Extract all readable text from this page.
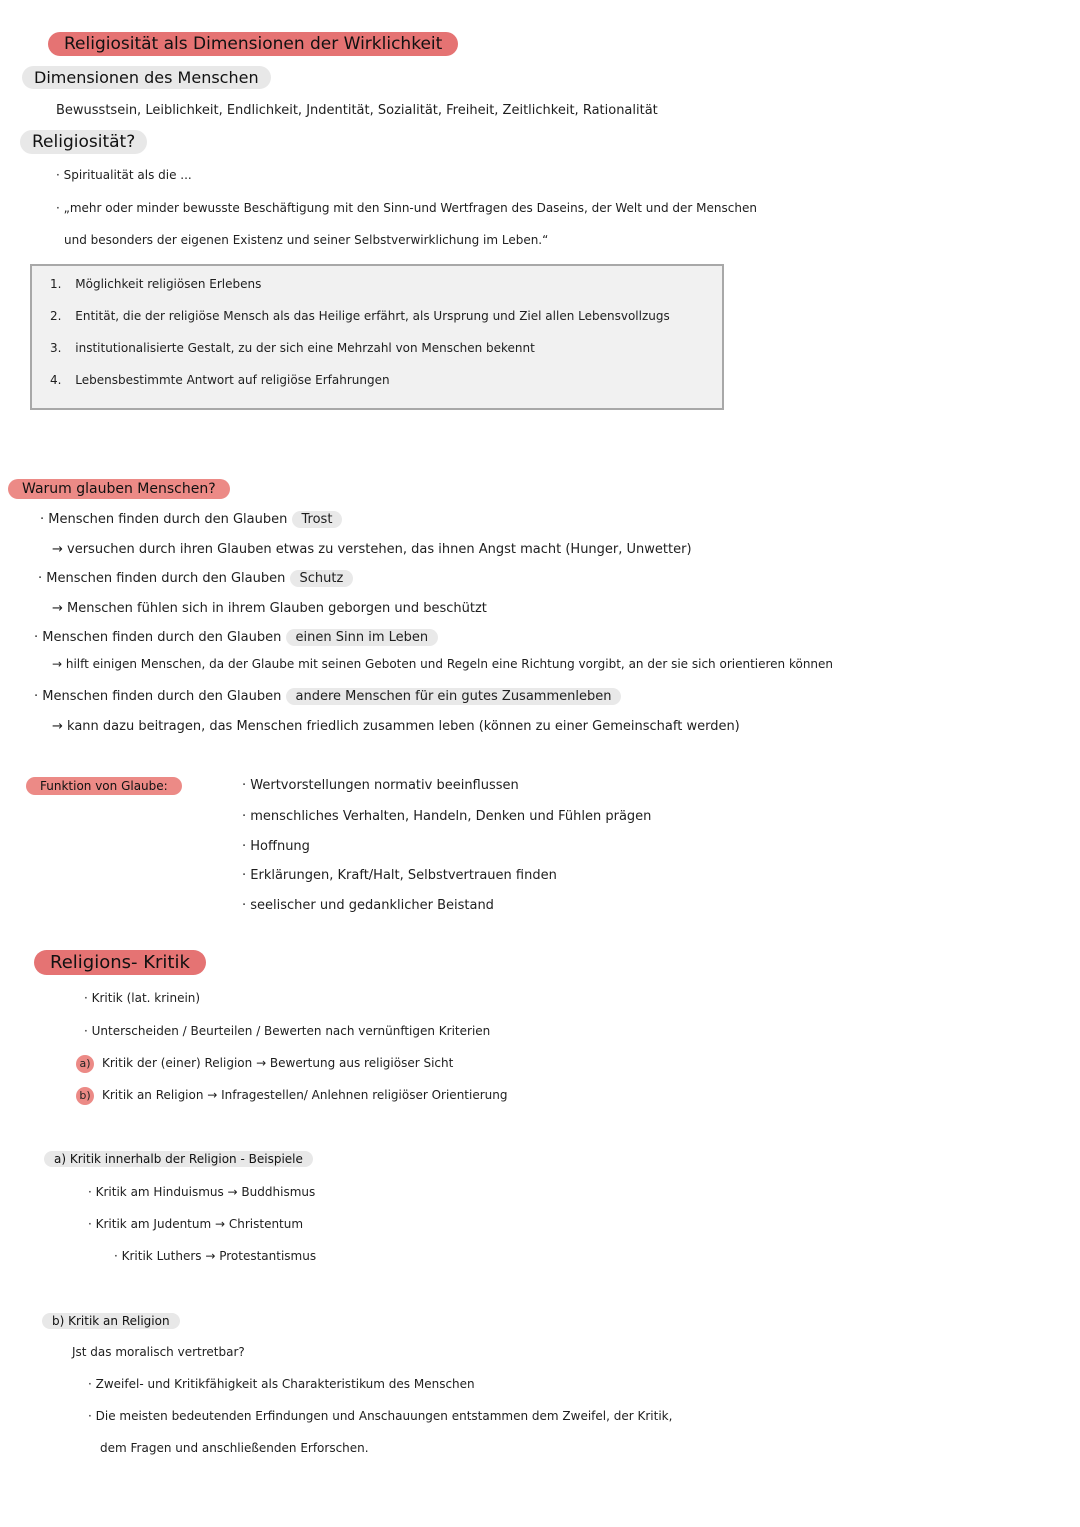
Religiosität als Dimensionen der Wirklichkeit
Dimensionen des Menschen
Bewusstsein, Leiblichkeit, Endlichkeit, Jndentität, Sozialität, Freiheit, Zeitlichkeit, Rationalität
Religiosität?
· Spiritualität als die ...
· „mehr oder minder bewusste Beschäftigung mit den Sinn-und Wertfragen des Daseins, der Welt und der Menschen
und besonders der eigenen Existenz und seiner Selbstverwirklichung im Leben.“
1. Möglichkeit religiösen Erlebens
2. Entität, die der religiöse Mensch als das Heilige erfährt, als Ursprung und Ziel allen Lebensvollzugs
3. institutionalisierte Gestalt, zu der sich eine Mehrzahl von Menschen bekennt
4. Lebensbestimmte Antwort auf religiöse Erfahrungen
Warum glauben Menschen?
· Menschen finden durch den Glauben Trost
→ versuchen durch ihren Glauben etwas zu verstehen, das ihnen Angst macht (Hunger, Unwetter)
· Menschen finden durch den Glauben Schutz
→ Menschen fühlen sich in ihrem Glauben geborgen und beschützt
· Menschen finden durch den Glauben einen Sinn im Leben
→ hilft einigen Menschen, da der Glaube mit seinen Geboten und Regeln eine Richtung vorgibt, an der sie sich orientieren können
· Menschen finden durch den Glauben andere Menschen für ein gutes Zusammenleben
→ kann dazu beitragen, das Menschen friedlich zusammen leben (können zu einer Gemeinschaft werden)
Funktion von Glaube:	· Wertvorstellungen normativ beeinflussen
· menschliches Verhalten, Handeln, Denken und Fühlen prägen
· Hoffnung
· Erklärungen, Kraft/Halt, Selbstvertrauen finden
· seelischer und gedanklicher Beistand
Religions- Kritik
· Kritik (lat. krinein)
· Unterscheiden / Beurteilen / Bewerten nach vernünftigen Kriterien
a) Kritik der (einer) Religion → Bewertung aus religiöser Sicht
b) Kritik an Religion → Infragestellen/ Anlehnen religiöser Orientierung
a) Kritik innerhalb der Religion - Beispiele
· Kritik am Hinduismus → Buddhismus
· Kritik am Judentum → Christentum
· Kritik Luthers → Protestantismus
b) Kritik an Religion
Jst das moralisch vertretbar?
· Zweifel- und Kritikfähigkeit als Charakteristikum des Menschen
· Die meisten bedeutenden Erfindungen und Anschauungen entstammen dem Zweifel, der Kritik,
dem Fragen und anschließenden Erforschen.
